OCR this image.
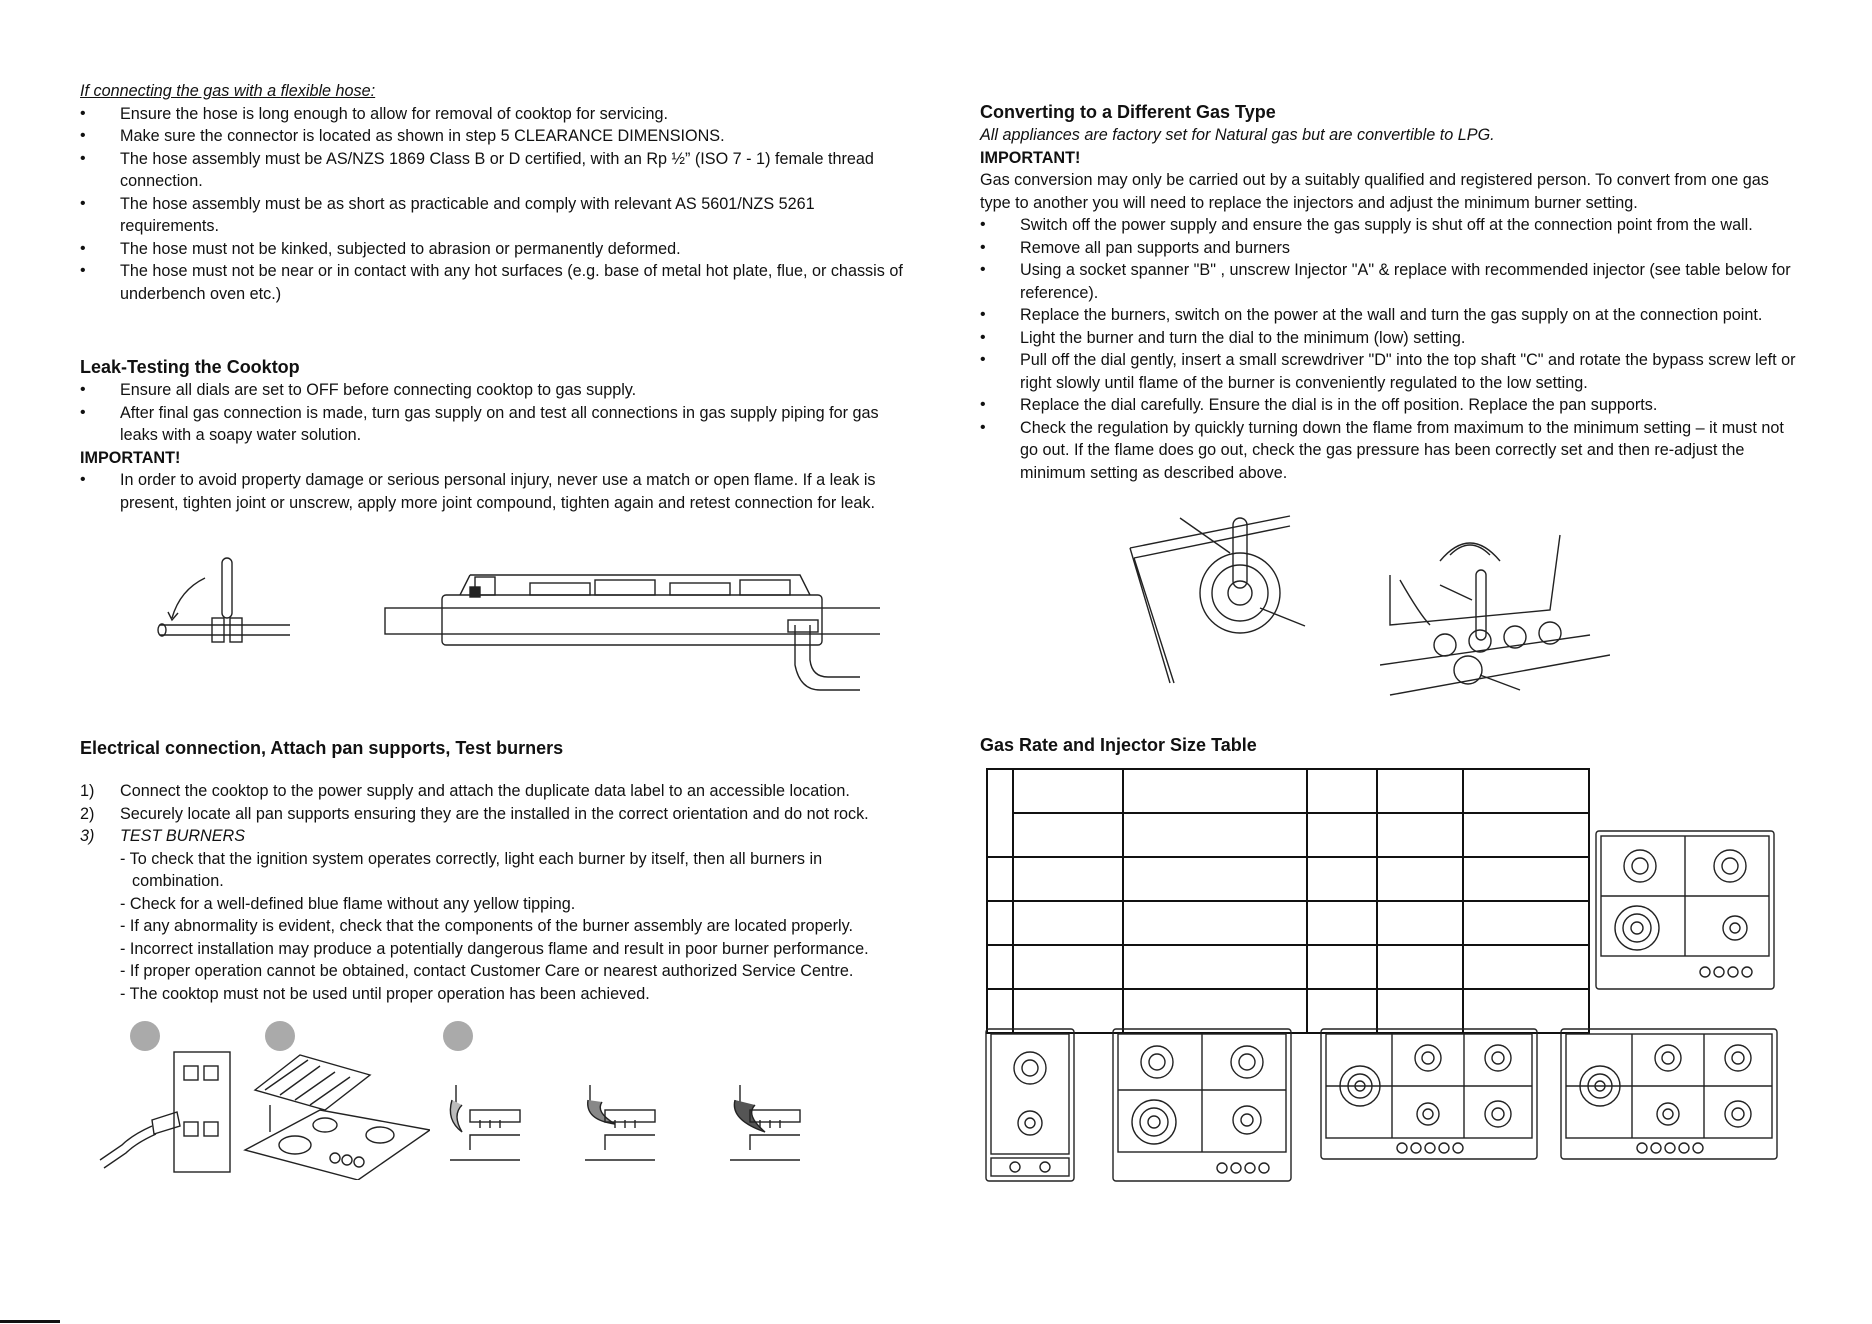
If connecting the gas with a flexible hose:
• Ensure the hose is long enough to allow for removal of cooktop for servicing.
• Make sure the connector is located as shown in step 5 CLEARANCE DIMENSIONS.
• The hose assembly must be AS/NZS 1869 Class B or D certified, with an Rp ½” (ISO 7 ‐ 1) female thread connection.
• The hose assembly must be as short as practicable and comply with relevant AS 5601/NZS 5261 requirements.
• The hose must not be kinked, subjected to abrasion or permanently deformed.
• The hose must not be near or in contact with any hot surfaces (e.g. base of metal hot plate, flue, or chassis of underbench oven etc.)
Leak-Testing the Cooktop
• Ensure all dials are set to OFF before connecting cooktop to gas supply.
• After final gas connection is made, turn gas supply on and test all connections in gas supply piping for gas leaks with a soapy water solution.
IMPORTANT!
• In order to avoid property damage or serious personal injury, never use a match or open flame. If a leak is present, tighten joint or unscrew, apply more joint compound, tighten again and retest connection for leak.
Electrical connection, Attach pan supports, Test burners
1) Connect the cooktop to the power supply and attach the duplicate data label to an accessible location.
2) Securely locate all pan supports ensuring they are the installed in the correct orientation and do not rock.
3) TEST BURNERS
- To check that the ignition system operates correctly, light each burner by itself, then all burners in
combination.
- Check for a well-defined blue flame without any yellow tipping.
- If any abnormality is evident, check that the components of the burner assembly are located properly.
- Incorrect installation may produce a potentially dangerous flame and result in poor burner performance.
- If proper operation cannot be obtained, contact Customer Care or nearest authorized Service Centre.
- The cooktop must not be used until proper operation has been achieved.
Converting to a Different Gas Type
All appliances are factory set for Natural gas but are convertible to LPG.
IMPORTANT!
Gas conversion may only be carried out by a suitably qualified and registered person. To convert from one gas type to another you will need to replace the injectors and adjust the minimum burner setting.
• Switch off the power supply and ensure the gas supply is shut off at the connection point from the wall.
• Remove all pan supports and burners
• Using a socket spanner "B" , unscrew Injector "A" & replace with recommended injector (see table below for reference).
• Replace the burners, switch on the power at the wall and turn the gas supply on at the connection point.
• Light the burner and turn the dial to the minimum (low) setting.
• Pull off the dial gently, insert a small screwdriver "D" into the top shaft "C" and rotate the bypass screw left or right slowly until flame of the burner is conveniently regulated to the low setting.
• Replace the dial carefully. Ensure the dial is in the off position. Replace the pan supports.
• Check the regulation by quickly turning down the flame from maximum to the minimum setting – it must not go out. If the flame does go out, check the gas pressure has been correctly set and then re-adjust the minimum setting as described above.
Gas Rate and Injector Size Table
